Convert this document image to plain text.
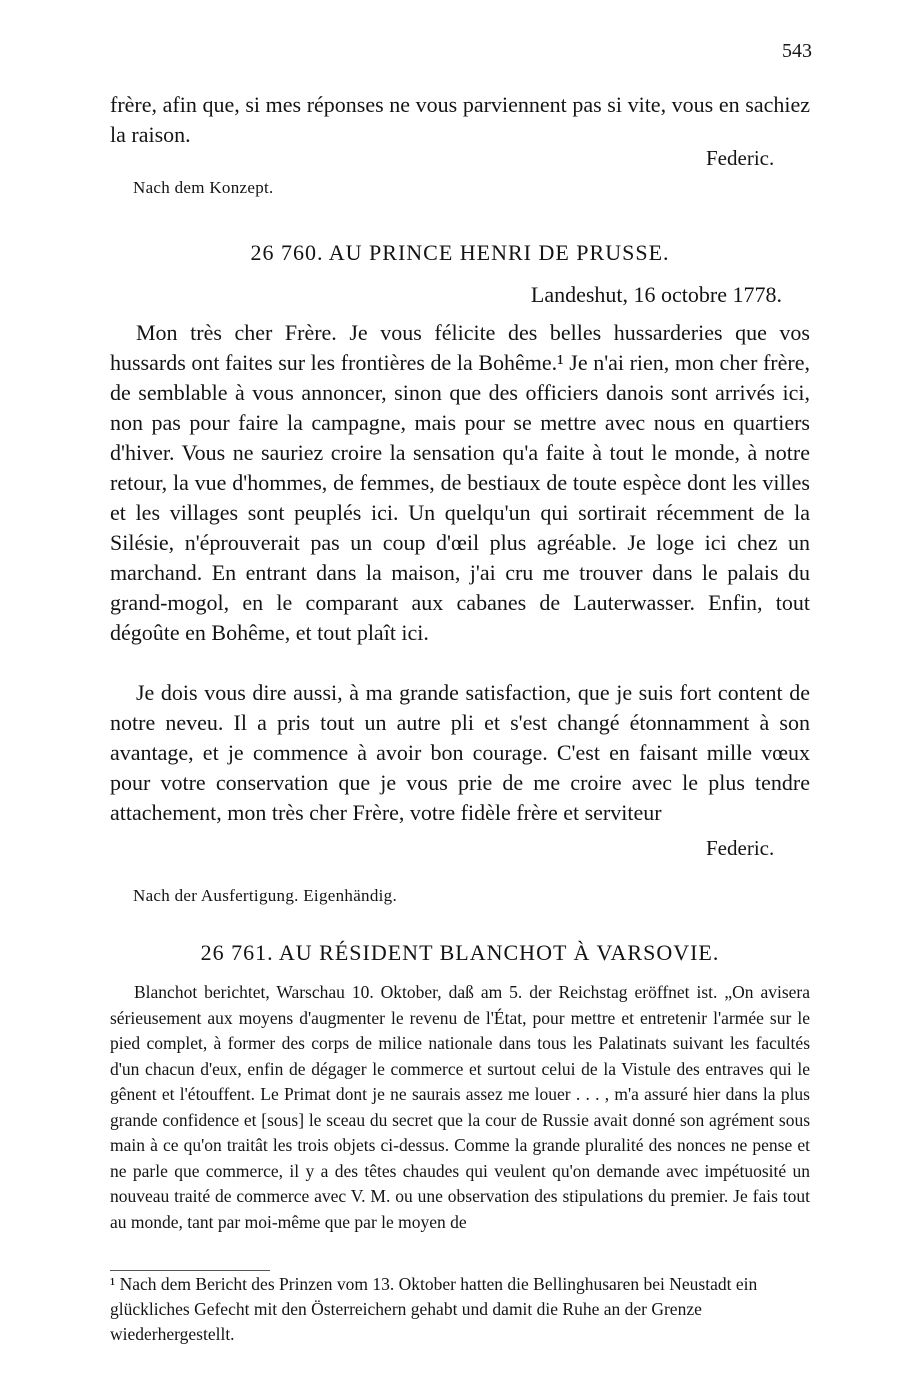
543
frère, afin que, si mes réponses ne vous parviennent pas si vite, vous en sachiez la raison.
Federic.
Nach dem Konzept.
26 760. AU PRINCE HENRI DE PRUSSE.
Landeshut, 16 octobre 1778.
Mon très cher Frère. Je vous félicite des belles hussarderies que vos hussards ont faites sur les frontières de la Bohême.¹ Je n'ai rien, mon cher frère, de semblable à vous annoncer, sinon que des officiers danois sont arrivés ici, non pas pour faire la campagne, mais pour se mettre avec nous en quartiers d'hiver. Vous ne sauriez croire la sensation qu'a faite à tout le monde, à notre retour, la vue d'hommes, de femmes, de bestiaux de toute espèce dont les villes et les villages sont peuplés ici. Un quelqu'un qui sortirait récemment de la Silésie, n'éprouverait pas un coup d'œil plus agréable. Je loge ici chez un marchand. En entrant dans la maison, j'ai cru me trouver dans le palais du grand-mogol, en le comparant aux cabanes de Lauterwasser. Enfin, tout dégoûte en Bohême, et tout plaît ici.
Je dois vous dire aussi, à ma grande satisfaction, que je suis fort content de notre neveu. Il a pris tout un autre pli et s'est changé étonnamment à son avantage, et je commence à avoir bon courage. C'est en faisant mille vœux pour votre conservation que je vous prie de me croire avec le plus tendre attachement, mon très cher Frère, votre fidèle frère et serviteur
Federic.
Nach der Ausfertigung. Eigenhändig.
26 761. AU RÉSIDENT BLANCHOT À VARSOVIE.
Blanchot berichtet, Warschau 10. Oktober, daß am 5. der Reichstag eröffnet ist. „On avisera sérieusement aux moyens d'augmenter le revenu de l'État, pour mettre et entretenir l'armée sur le pied complet, à former des corps de milice nationale dans tous les Palatinats suivant les facultés d'un chacun d'eux, enfin de dégager le commerce et surtout celui de la Vistule des entraves qui le gênent et l'étouffent. Le Primat dont je ne saurais assez me louer . . . , m'a assuré hier dans la plus grande confidence et [sous] le sceau du secret que la cour de Russie avait donné son agrément sous main à ce qu'on traitât les trois objets ci-dessus. Comme la grande pluralité des nonces ne pense et ne parle que commerce, il y a des têtes chaudes qui veulent qu'on demande avec impétuosité un nouveau traité de commerce avec V. M. ou une observation des stipulations du premier. Je fais tout au monde, tant par moi-même que par le moyen de
¹ Nach dem Bericht des Prinzen vom 13. Oktober hatten die Bellinghusaren bei Neustadt ein glückliches Gefecht mit den Österreichern gehabt und damit die Ruhe an der Grenze wiederhergestellt.
